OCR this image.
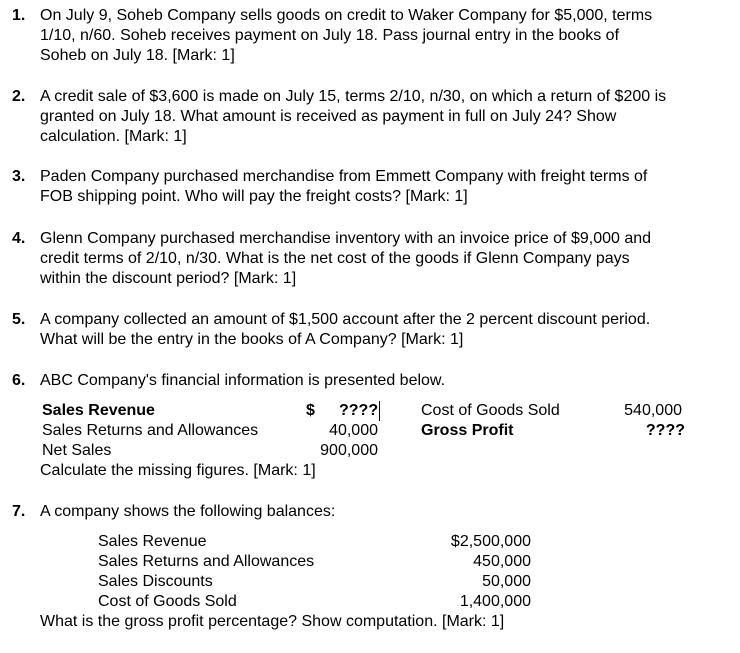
1. On July 9, Soheb Company sells goods on credit to Waker Company for $5,000, terms
1/10, n/60. Soheb receives payment on July 18. Pass journal entry in the books of
Soheb on July 18. [Mark: 1]
2. A credit sale of $3,600 is made on July 15, terms 2/10, n/30, on which a return of $200 is
granted on July 18. What amount is received as payment in full on July 24? Show
calculation. [Mark: 1]
3. Paden Company purchased merchandise from Emmett Company with freight terms of
FOB shipping point. Who will pay the freight costs? [Mark: 1]
4. Glenn Company purchased merchandise inventory with an invoice price of $9,000 and
credit terms of 2/10, n/30. What is the net cost of the goods if Glenn Company pays
within the discount period? [Mark: 1]
5. A company collected an amount of $1,500 account after the 2 percent discount period.
What will be the entry in the books of A Company? [Mark: 1]
6. ABC Company's financial information is presented below.
Sales Revenue	$ ????	Cost of Goods Sold	540,000
Sales Returns and Allowances	40,000	Gross Profit	????
Net Sales	900,000
Calculate the missing figures. [Mark: 1]
7. A company shows the following balances:
Sales Revenue	$2,500,000
Sales Returns and Allowances	450,000
Sales Discounts	50,000
Cost of Goods Sold	1,400,000
What is the gross profit percentage? Show computation. [Mark: 1]
